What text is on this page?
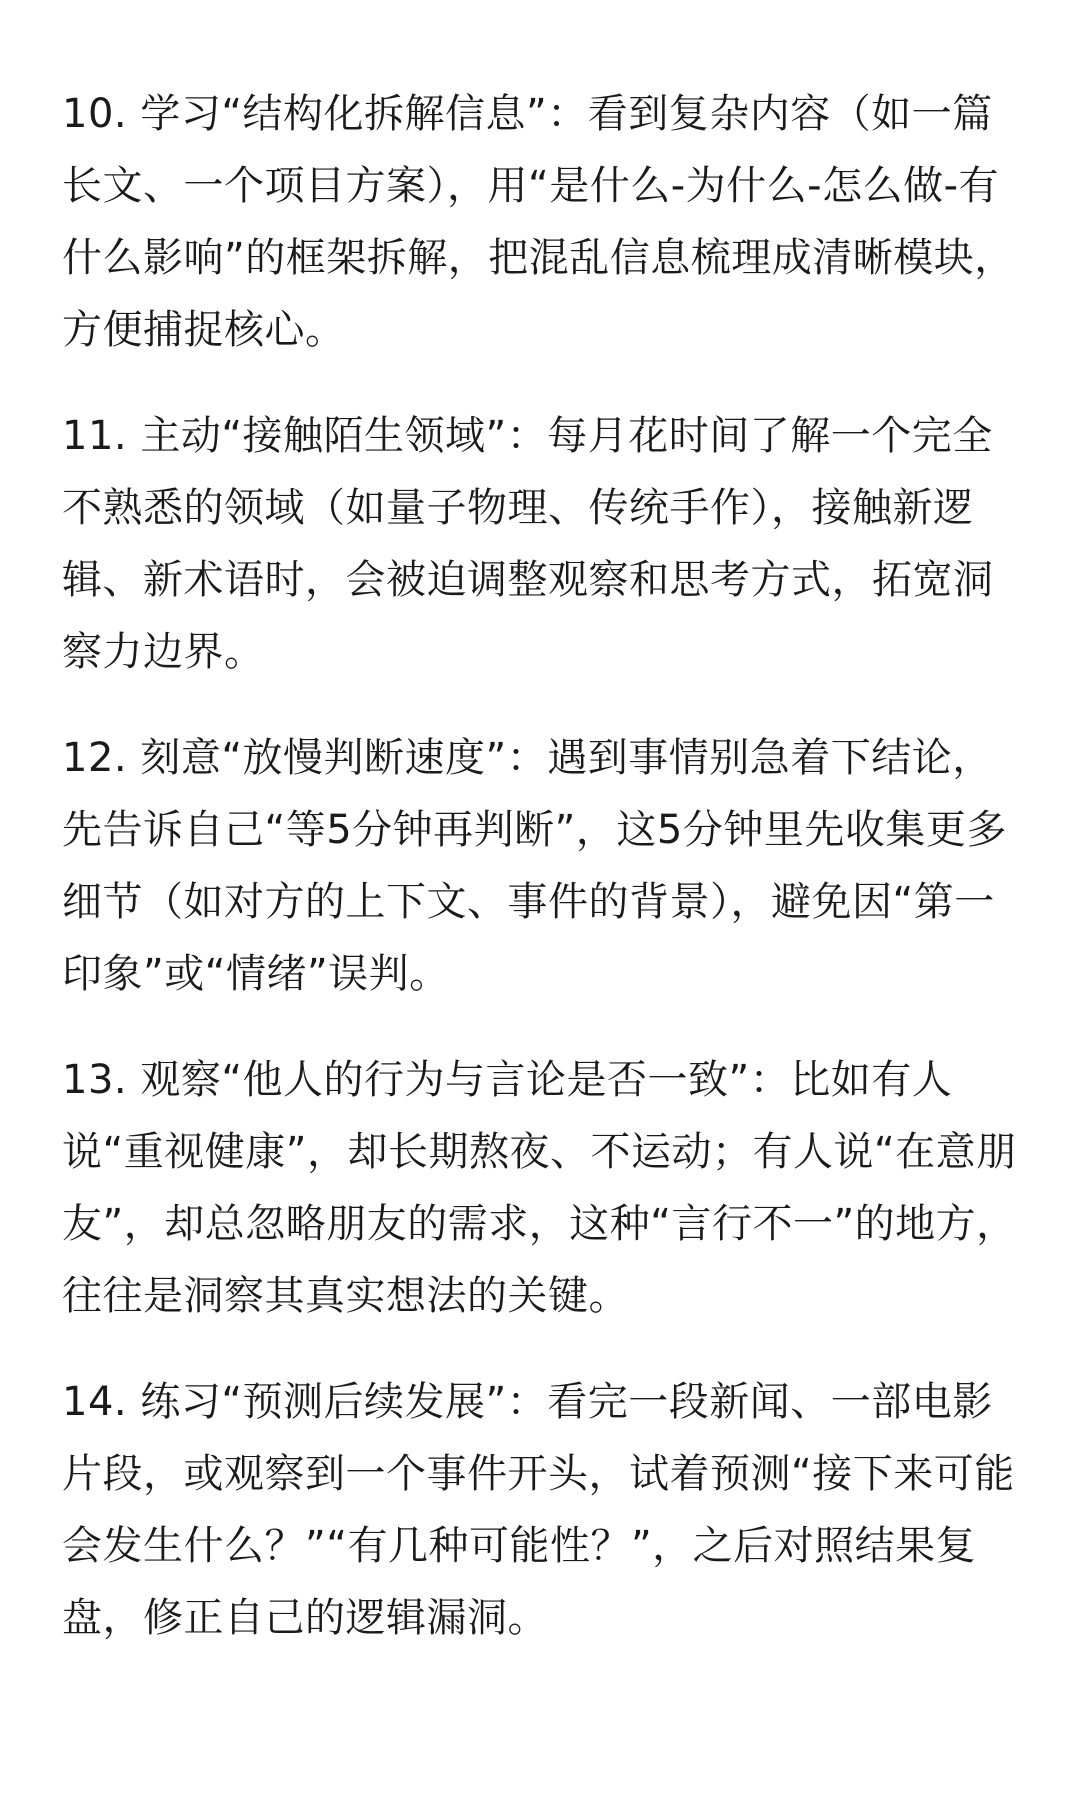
10. 学习“结构化拆解信息”：看到复杂内容（如一篇长文、一个项目方案），用“是什么-为什么-怎么做-有什么影响”的框架拆解，把混乱信息梳理成清晰模块，方便捕捉核心。

11. 主动“接触陌生领域”：每月花时间了解一个完全不熟悉的领域（如量子物理、传统手作），接触新逻辑、新术语时，会被迫调整观察和思考方式，拓宽洞察力边界。

12. 刻意“放慢判断速度”：遇到事情别急着下结论，先告诉自己“等5分钟再判断”，这5分钟里先收集更多细节（如对方的上下文、事件的背景），避免因“第一印象”或“情绪”误判。

13. 观察“他人的行为与言论是否一致”：比如有人说“重视健康”，却长期熬夜、不运动；有人说“在意朋友”，却总忽略朋友的需求，这种“言行不一”的地方，往往是洞察其真实想法的关键。

14. 练习“预测后续发展”：看完一段新闻、一部电影片段，或观察到一个事件开头，试着预测“接下来可能会发生什么？”“有几种可能性？”，之后对照结果复盘，修正自己的逻辑漏洞。
